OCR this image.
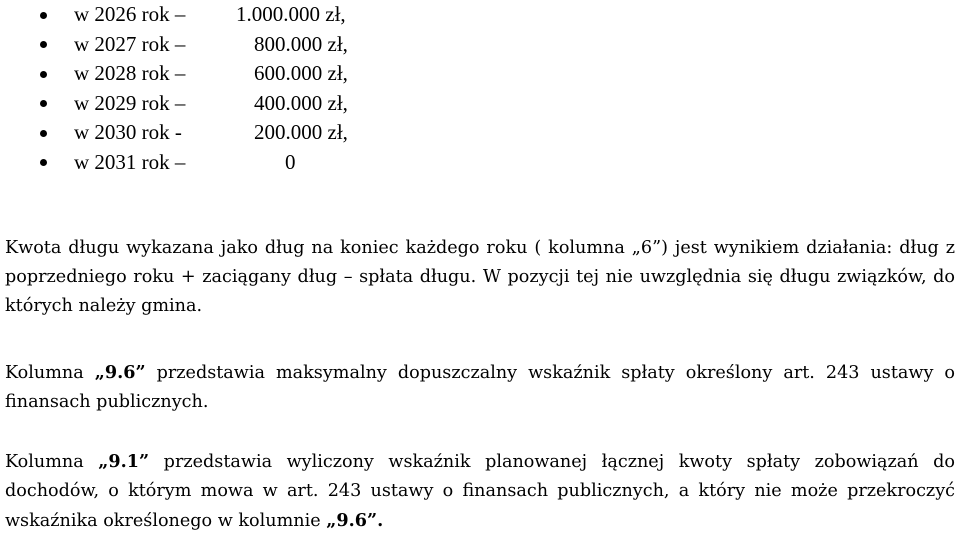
w 2026 rok – 1.000.000 zł,
w 2027 rok –	800.000 zł,
w 2028 rok –	600.000 zł,
w 2029 rok –	400.000 zł,
w 2030 rok -	200.000 zł,
w 2031 rok –	0

Kwota długu wykazana jako dług na koniec każdego roku ( kolumna „6”) jest wynikiem działania: dług z poprzedniego roku + zaciągany dług – spłata długu. W pozycji tej nie uwzględnia się długu związków, do których należy gmina.

Kolumna „9.6” przedstawia maksymalny dopuszczalny wskaźnik spłaty określony art. 243 ustawy o finansach publicznych.

Kolumna „9.1” przedstawia wyliczony wskaźnik planowanej łącznej kwoty spłaty zobowiązań do dochodów, o którym mowa w art. 243 ustawy o finansach publicznych, a który nie może przekroczyć wskaźnika określonego w kolumnie „9.6”.
